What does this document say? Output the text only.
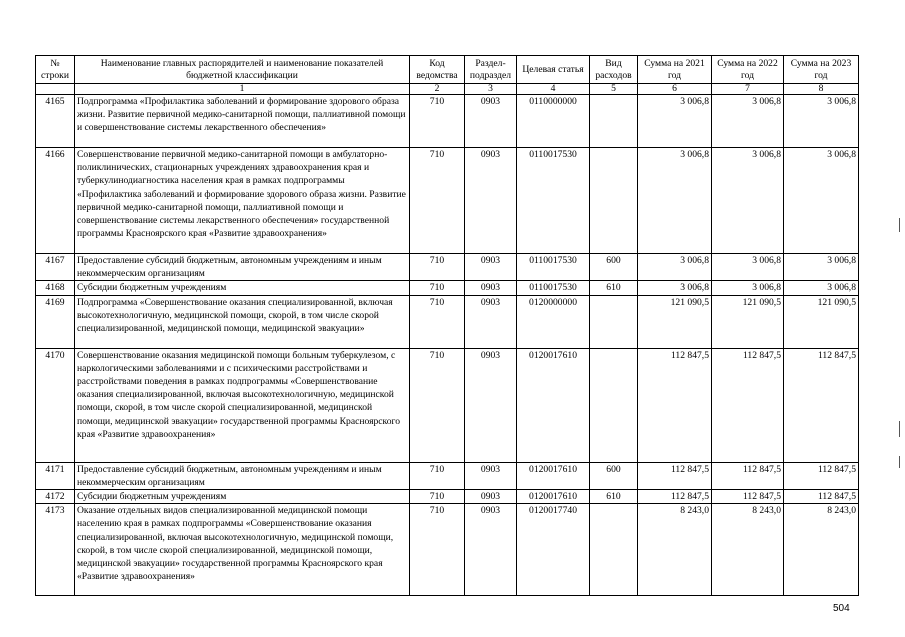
№ строки	Наименование главных распорядителей и наименование показателей бюджетной классификации	Код ведомства	Раздел-подраздел	Целевая статья	Вид расходов	Сумма на 2021 год	Сумма на 2022 год	Сумма на 2023 год
	1	2	3	4	5	6	7	8
4165	Подпрограмма «Профилактика заболеваний и формирование здорового образа жизни. Развитие первичной медико-санитарной помощи, паллиативной помощи и совершенствование системы лекарственного обеспечения»	710	0903	0110000000		3 006,8	3 006,8	3 006,8
4166	Совершенствование первичной медико-санитарной помощи в амбулаторно-поликлинических, стационарных учреждениях здравоохранения края и туберкулинодиагностика населения края в рамках подпрограммы «Профилактика заболеваний и формирование здорового образа жизни. Развитие первичной медико-санитарной помощи, паллиативной помощи и совершенствование системы лекарственного обеспечения» государственной программы Красноярского края «Развитие здравоохранения»	710	0903	0110017530		3 006,8	3 006,8	3 006,8
4167	Предоставление субсидий бюджетным, автономным учреждениям и иным некоммерческим организациям	710	0903	0110017530	600	3 006,8	3 006,8	3 006,8
4168	Субсидии бюджетным учреждениям	710	0903	0110017530	610	3 006,8	3 006,8	3 006,8
4169	Подпрограмма «Совершенствование оказания специализированной, включая высокотехнологичную, медицинской помощи, скорой, в том числе скорой специализированной, медицинской помощи, медицинской эвакуации»	710	0903	0120000000		121 090,5	121 090,5	121 090,5
4170	Совершенствование оказания медицинской помощи больным туберкулезом, с наркологическими заболеваниями и с психическими расстройствами и расстройствами поведения в рамках подпрограммы «Совершенствование оказания специализированной, включая высокотехнологичную, медицинской помощи, скорой, в том числе скорой специализированной, медицинской помощи, медицинской эвакуации» государственной программы Красноярского края «Развитие здравоохранения»	710	0903	0120017610		112 847,5	112 847,5	112 847,5
4171	Предоставление субсидий бюджетным, автономным учреждениям и иным некоммерческим организациям	710	0903	0120017610	600	112 847,5	112 847,5	112 847,5
4172	Субсидии бюджетным учреждениям	710	0903	0120017610	610	112 847,5	112 847,5	112 847,5
4173	Оказание отдельных видов специализированной медицинской помощи населению края в рамках подпрограммы «Совершенствование оказания специализированной, включая высокотехнологичную, медицинской помощи, скорой, в том числе скорой специализированной, медицинской помощи, медицинской эвакуации» государственной программы Красноярского края «Развитие здравоохранения»	710	0903	0120017740		8 243,0	8 243,0	8 243,0
504
